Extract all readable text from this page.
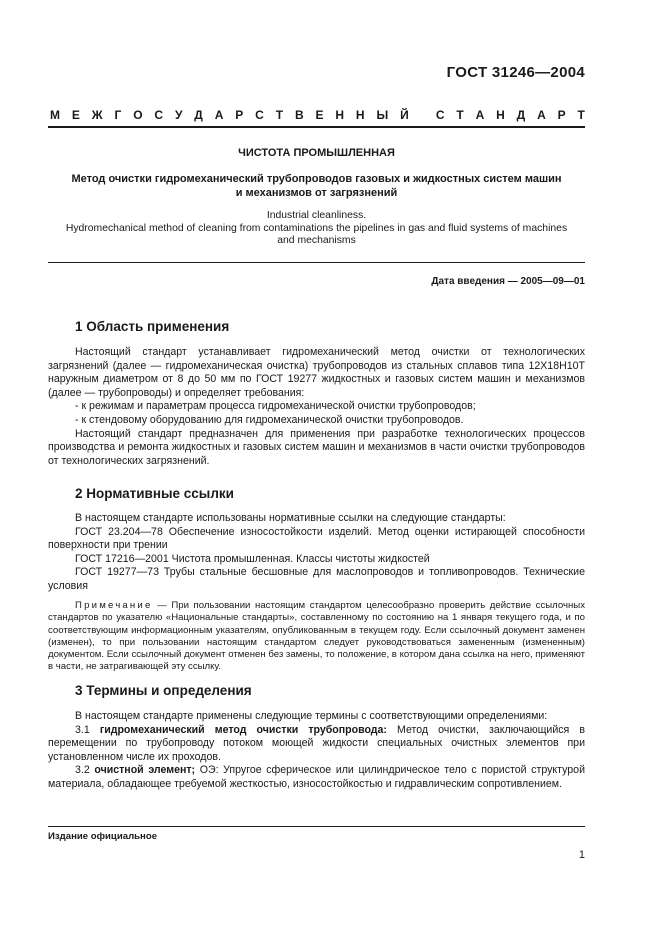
ГОСТ 31246—2004
М Е Ж Г О С У Д А Р С Т В Е Н Н Ы Й
С Т А Н Д А Р Т
ЧИСТОТА ПРОМЫШЛЕННАЯ
Метод очистки гидромеханический трубопроводов газовых и жидкостных систем машин
и механизмов от загрязнений
Industrial cleanliness.
Hydromechanical method of cleaning from contaminations the pipelines in gas and fluid systems of machines
and mechanisms
Дата введения — 2005—09—01
1 Область применения
Настоящий стандарт устанавливает гидромеханический метод очистки от технологических загрязнений (далее — гидромеханическая очистка) трубопроводов из стальных сплавов типа 12Х18Н10Т наружным диаметром от 8 до 50 мм по ГОСТ 19277 жидкостных и газовых систем машин и механизмов (далее — трубопроводы) и определяет требования:
- к режимам и параметрам процесса гидромеханической очистки трубопроводов;
- к стендовому оборудованию для гидромеханической очистки трубопроводов.
Настоящий стандарт предназначен для применения при разработке технологических процессов производства и ремонта жидкостных и газовых систем машин и механизмов в части очистки трубопроводов от технологических загрязнений.
2 Нормативные ссылки
В настоящем стандарте использованы нормативные ссылки на следующие стандарты:
ГОСТ 23.204—78 Обеспечение износостойкости изделий. Метод оценки истирающей способности поверхности при трении
ГОСТ 17216—2001 Чистота промышленная. Классы чистоты жидкостей
ГОСТ 19277—73 Трубы стальные бесшовные для маслопроводов и топливопроводов. Технические условия
Примечание — При пользовании настоящим стандартом целесообразно проверить действие ссылочных стандартов по указателю «Национальные стандарты», составленному по состоянию на 1 января текущего года, и по соответствующим информационным указателям, опубликованным в текущем году. Если ссылочный документ заменен (изменен), то при пользовании настоящим стандартом следует руководствоваться замененным (измененным) документом. Если ссылочный документ отменен без замены, то положение, в котором дана ссылка на него, применяют в части, не затрагивающей эту ссылку.
3 Термины и определения
В настоящем стандарте применены следующие термины с соответствующими определениями:
3.1 гидромеханический метод очистки трубопровода: Метод очистки, заключающийся в перемещении по трубопроводу потоком моющей жидкости специальных очистных элементов при установленном числе их проходов.
3.2 очистной элемент; ОЭ: Упругое сферическое или цилиндрическое тело с пористой структурой материала, обладающее требуемой жесткостью, износостойкостью и гидравлическим сопротивлением.
Издание официальное
1
